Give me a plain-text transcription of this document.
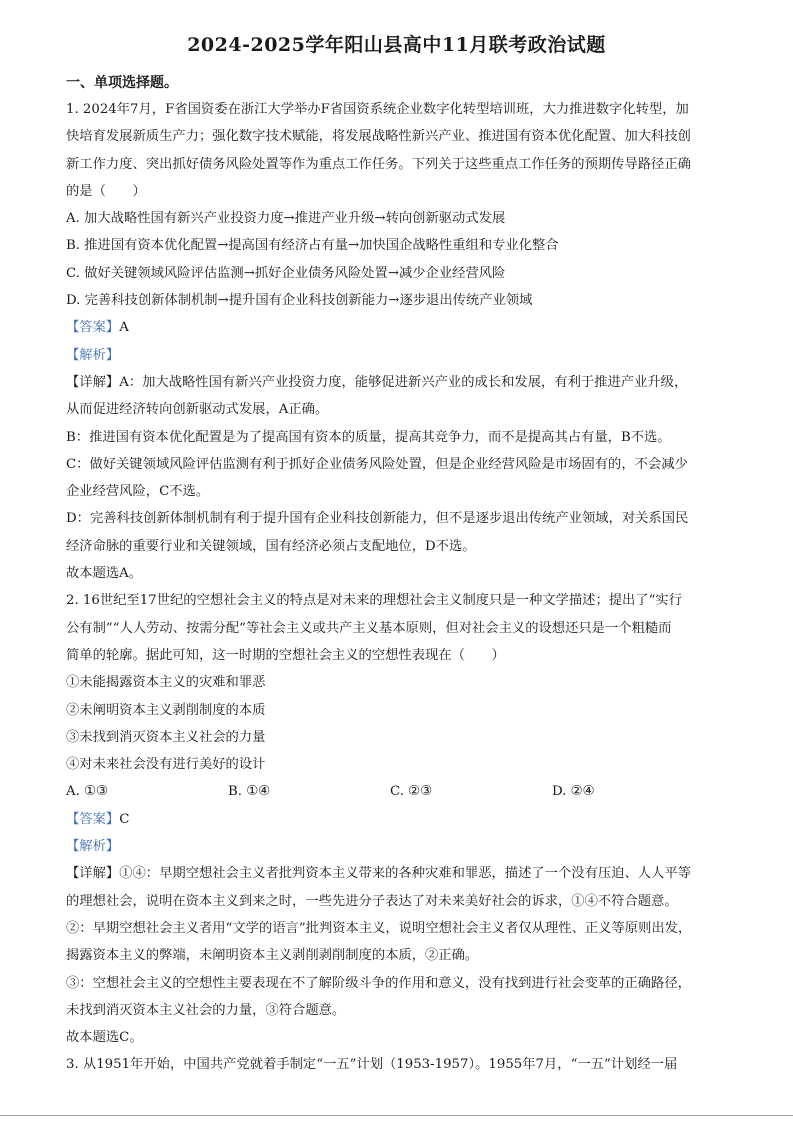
2024-2025学年阳山县高中11月联考政治试题
一、单项选择题。

1. 2024年7月，F省国资委在浙江大学举办F省国资系统企业数字化转型培训班，大力推进数字化转型，加

快培育发展新质生产力；强化数字技术赋能，将发展战略性新兴产业、推进国有资本优化配置、加大科技创

新工作力度、突出抓好债务风险处置等作为重点工作任务。下列关于这些重点工作任务的预期传导路径正确

的是（　　）

A. 加大战略性国有新兴产业投资力度→推进产业升级→转向创新驱动式发展

B. 推进国有资本优化配置→提高国有经济占有量→加快国企战略性重组和专业化整合

C. 做好关键领域风险评估监测→抓好企业债务风险处置→减少企业经营风险

D. 完善科技创新体制机制→提升国有企业科技创新能力→逐步退出传统产业领域

【答案】A

【解析】

【详解】A：加大战略性国有新兴产业投资力度，能够促进新兴产业的成长和发展，有利于推进产业升级，

从而促进经济转向创新驱动式发展，A正确。

B：推进国有资本优化配置是为了提高国有资本的质量，提高其竞争力，而不是提高其占有量，B不选。

C：做好关键领域风险评估监测有利于抓好企业债务风险处置，但是企业经营风险是市场固有的，不会减少

企业经营风险，C不选。

D：完善科技创新体制机制有利于提升国有企业科技创新能力，但不是逐步退出传统产业领域，对关系国民

经济命脉的重要行业和关键领域，国有经济必须占支配地位，D不选。

故本题选A。

2. 16世纪至17世纪的空想社会主义的特点是对未来的理想社会主义制度只是一种文学描述；提出了“实行

公有制”“人人劳动、按需分配”等社会主义或共产主义基本原则，但对社会主义的设想还只是一个粗糙而

简单的轮廓。据此可知，这一时期的空想社会主义的空想性表现在（　　）

①未能揭露资本主义的灾难和罪恶

②未阐明资本主义剥削制度的本质

③未找到消灭资本主义社会的力量

④对未来社会没有进行美好的设计

A. ①③	B. ①④	C. ②③	D. ②④

【答案】C

【解析】

【详解】①④：早期空想社会主义者批判资本主义带来的各种灾难和罪恶，描述了一个没有压迫、人人平等

的理想社会，说明在资本主义到来之时，一些先进分子表达了对未来美好社会的诉求，①④不符合题意。

②：早期空想社会主义者用“文学的语言”批判资本主义，说明空想社会主义者仅从理性、正义等原则出发，

揭露资本主义的弊端，未阐明资本主义剥削剥削制度的本质，②正确。

③：空想社会主义的空想性主要表现在不了解阶级斗争的作用和意义，没有找到进行社会变革的正确路径，

未找到消灭资本主义社会的力量，③符合题意。

故本题选C。

3. 从1951年开始，中国共产党就着手制定“一五”计划（1953-1957）。1955年7月，“一五”计划经一届
